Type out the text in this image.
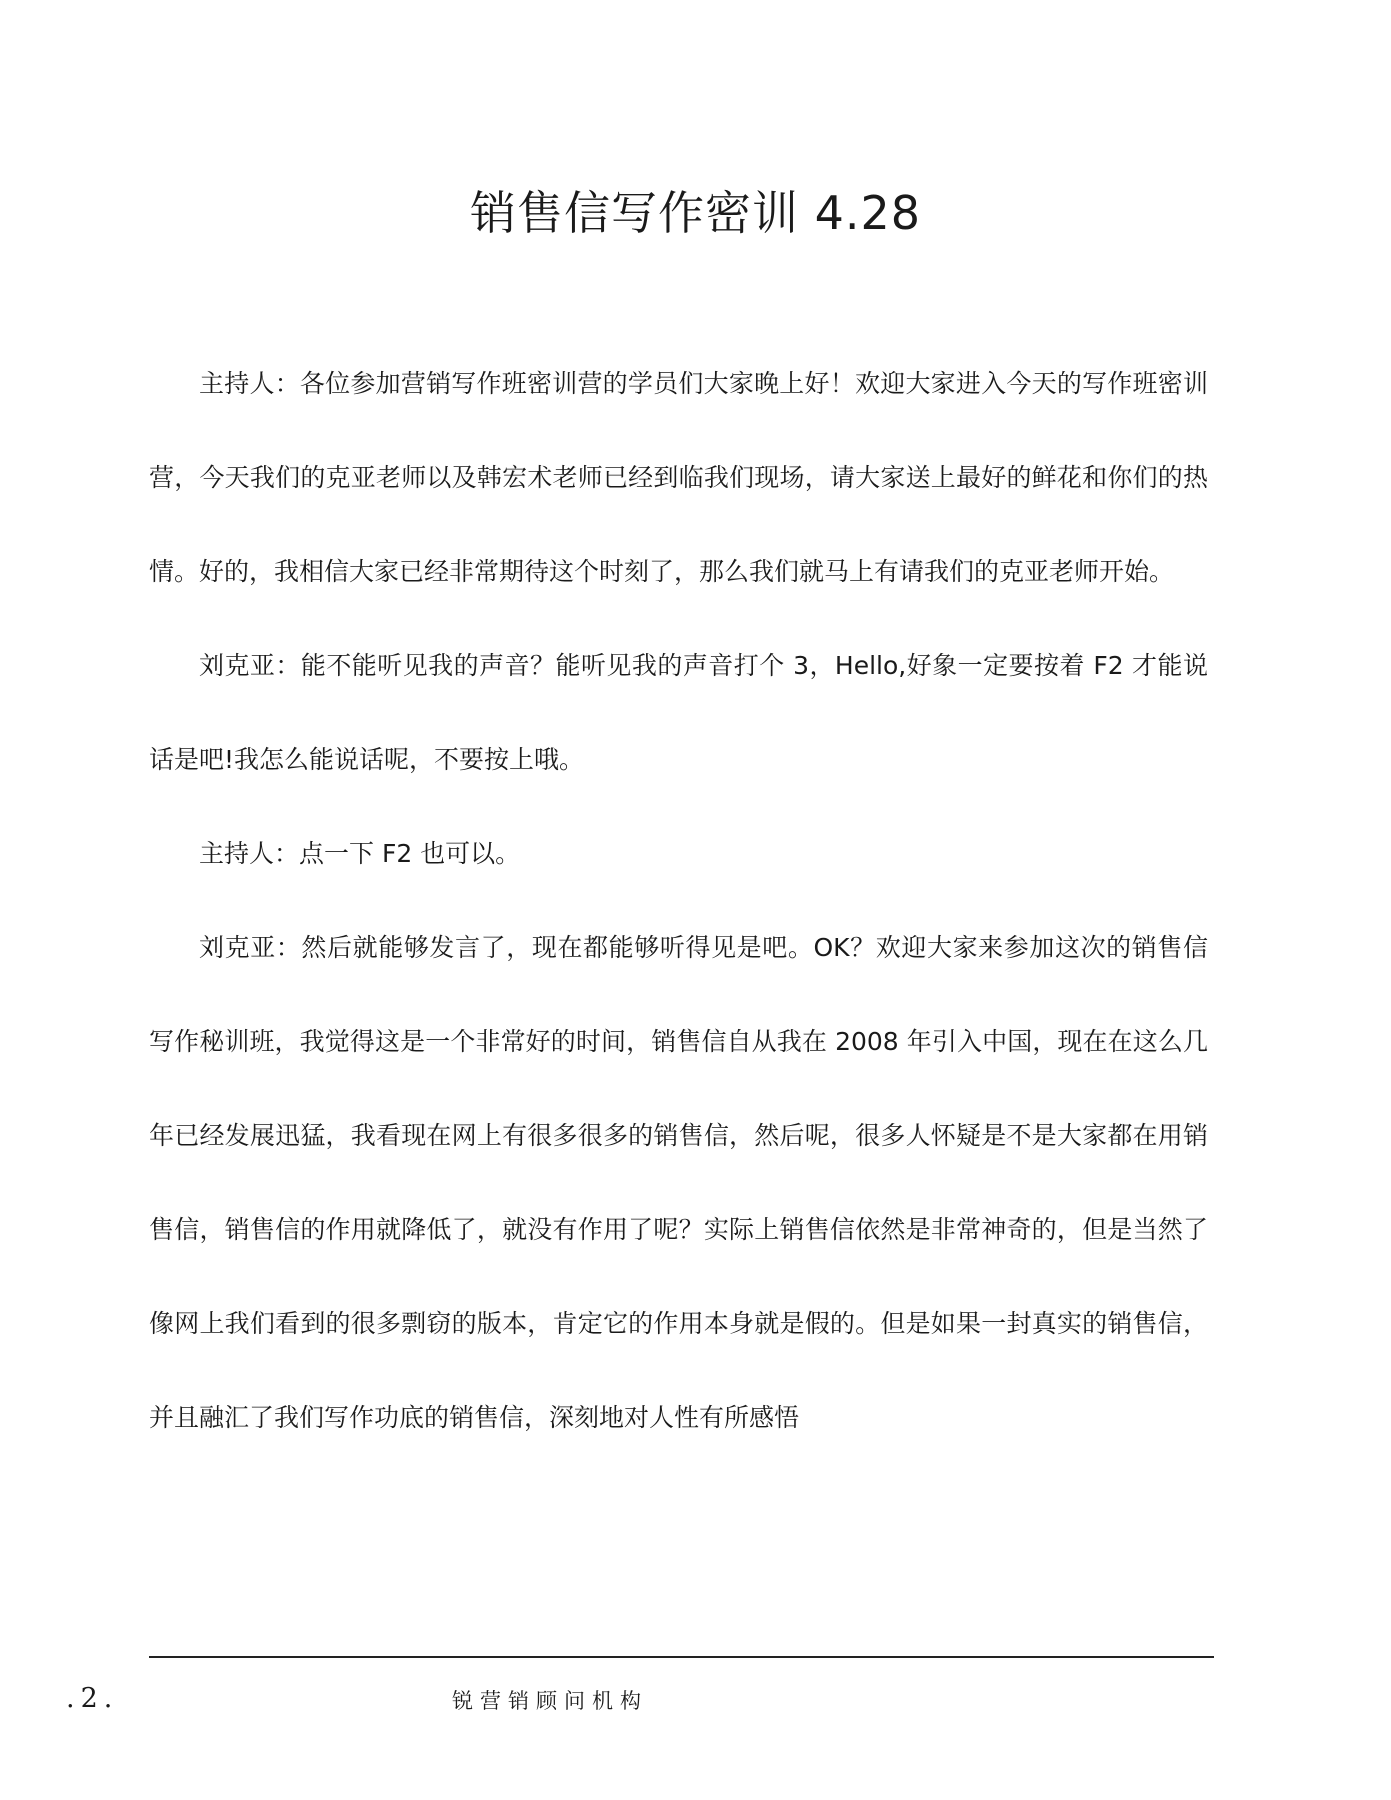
销售信写作密训 4.28

主持人：各位参加营销写作班密训营的学员们大家晚上好！欢迎大家进入今天的写作班密训营，今天我们的克亚老师以及韩宏术老师已经到临我们现场，请大家送上最好的鲜花和你们的热情。好的，我相信大家已经非常期待这个时刻了，那么我们就马上有请我们的克亚老师开始。

刘克亚：能不能听见我的声音？能听见我的声音打个 3，Hello,好象一定要按着 F2 才能说话是吧!我怎么能说话呢，不要按上哦。

主持人：点一下 F2 也可以。

刘克亚：然后就能够发言了，现在都能够听得见是吧。OK？欢迎大家来参加这次的销售信写作秘训班，我觉得这是一个非常好的时间，销售信自从我在 2008 年引入中国，现在在这么几年已经发展迅猛，我看现在网上有很多很多的销售信，然后呢，很多人怀疑是不是大家都在用销售信，销售信的作用就降低了，就没有作用了呢？实际上销售信依然是非常神奇的，但是当然了像网上我们看到的很多剽窃的版本，肯定它的作用本身就是假的。但是如果一封真实的销售信，并且融汇了我们写作功底的销售信，深刻地对人性有所感悟

.2.	锐营销顾问机构
